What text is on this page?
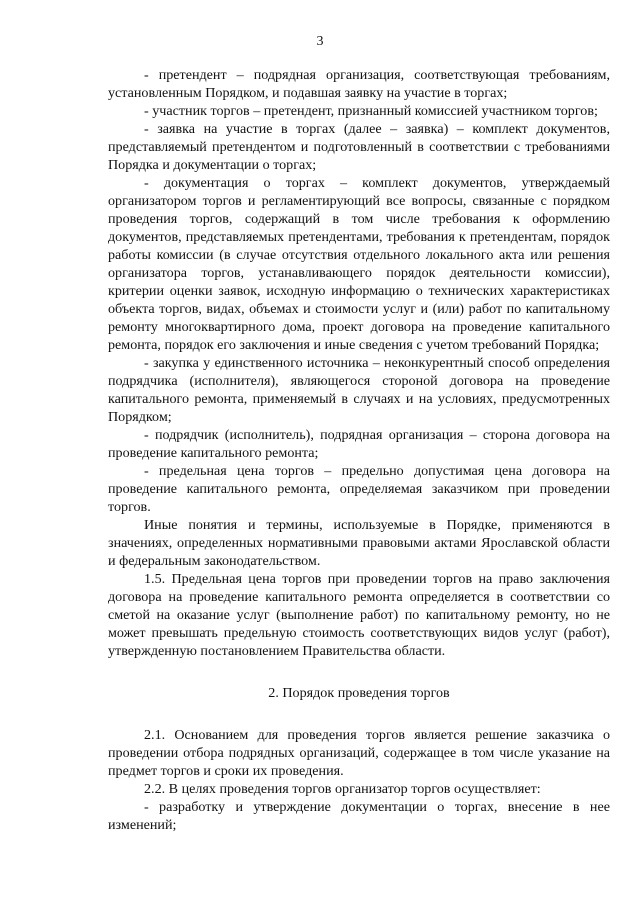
3

- претендент – подрядная организация, соответствующая требованиям, установленным Порядком, и подавшая заявку на участие в торгах;

- участник торгов – претендент, признанный комиссией участником торгов;

- заявка на участие в торгах (далее – заявка) – комплект документов, представляемый претендентом и подготовленный в соответствии с требованиями Порядка и документации о торгах;

- документация о торгах – комплект документов, утверждаемый организатором торгов и регламентирующий все вопросы, связанные с порядком проведения торгов, содержащий в том числе требования к оформлению документов, представляемых претендентами, требования к претендентам, порядок работы комиссии (в случае отсутствия отдельного локального акта или решения организатора торгов, устанавливающего порядок деятельности комиссии), критерии оценки заявок, исходную информацию о технических характеристиках объекта торгов, видах, объемах и стоимости услуг и (или) работ по капитальному ремонту многоквартирного дома, проект договора на проведение капитального ремонта, порядок его заключения и иные сведения с учетом требований Порядка;

- закупка у единственного источника – неконкурентный способ определения подрядчика (исполнителя), являющегося стороной договора на проведение капитального ремонта, применяемый в случаях и на условиях, предусмотренных Порядком;

- подрядчик (исполнитель), подрядная организация – сторона договора на проведение капитального ремонта;

- предельная цена торгов – предельно допустимая цена договора на проведение капитального ремонта, определяемая заказчиком при проведении торгов.

Иные понятия и термины, используемые в Порядке, применяются в значениях, определенных нормативными правовыми актами Ярославской области и федеральным законодательством.

1.5. Предельная цена торгов при проведении торгов на право заключения договора на проведение капитального ремонта определяется в соответствии со сметой на оказание услуг (выполнение работ) по капитальному ремонту, но не может превышать предельную стоимость соответствующих видов услуг (работ), утвержденную постановлением Правительства области.

2. Порядок проведения торгов

2.1. Основанием для проведения торгов является решение заказчика о проведении отбора подрядных организаций, содержащее в том числе указание на предмет торгов и сроки их проведения.

2.2. В целях проведения торгов организатор торгов осуществляет:

- разработку и утверждение документации о торгах, внесение в нее изменений;
